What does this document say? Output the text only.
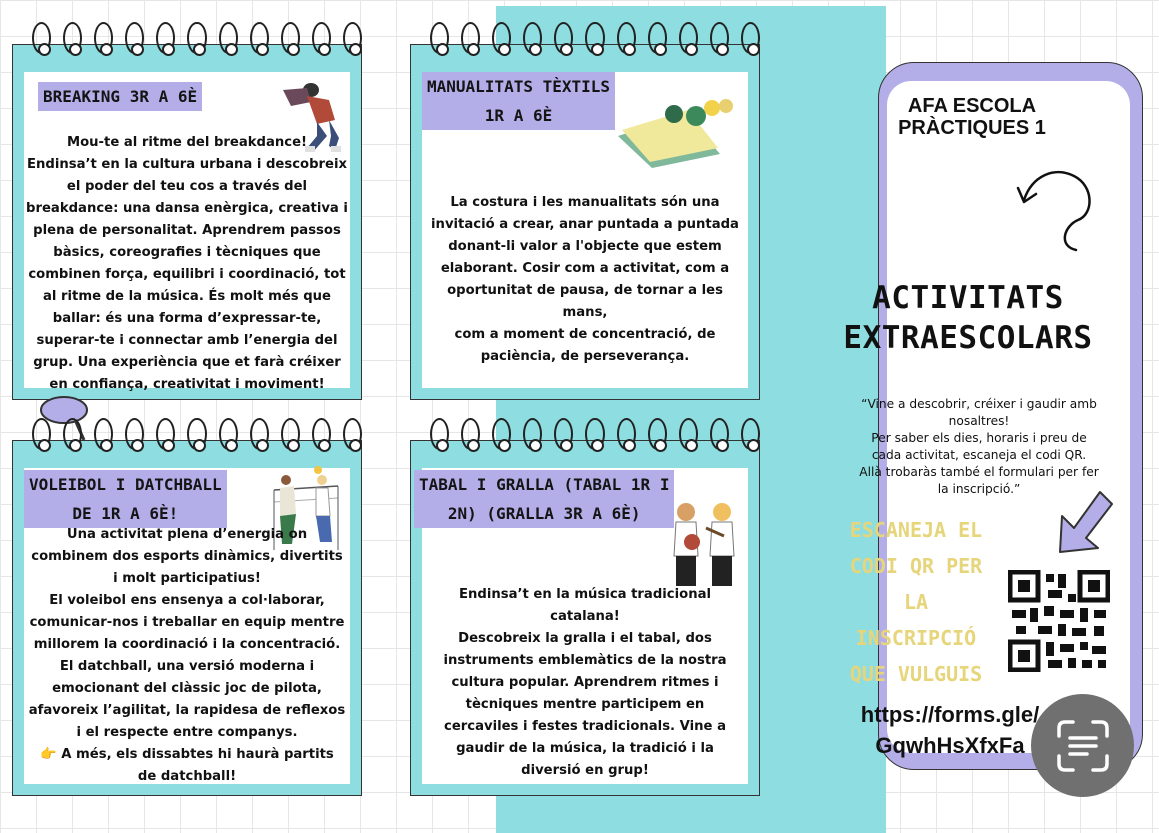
BREAKING 3R A 6È
Mou-te al ritme del breakdance!
Endinsa’t en la cultura urbana i descobreix
el poder del teu cos a través del
breakdance: una dansa enèrgica, creativa i
plena de personalitat. Aprendrem passos
bàsics, coreografies i tècniques que
combinen força, equilibri i coordinació, tot
al ritme de la música. És molt més que
ballar: és una forma d’expressar-te,
superar-te i connectar amb l’energia del
grup. Una experiència que et farà créixer
en confiança, creativitat i moviment!
MANUALITATS TÈXTILS
1R A 6È
La costura i les manualitats són una
invitació a crear, anar puntada a puntada
donant-li valor a l'objecte que estem
elaborant. Cosir com a activitat, com a
oportunitat de pausa, de tornar a les mans,
com a moment de concentració, de
paciència, de perseverança.
VOLEIBOL I DATCHBALL
DE 1R A 6È!
Una activitat plena d’energia on
combinem dos esports dinàmics, divertits
i molt participatius!
El voleibol ens ensenya a col·laborar,
comunicar-nos i treballar en equip mentre
millorem la coordinació i la concentració.
El datchball, una versió moderna i
emocionant del clàssic joc de pilota,
afavoreix l’agilitat, la rapidesa de reflexos
i el respecte entre companys.
👉 A més, els dissabtes hi haurà partits
de datchball!
TABAL I GRALLA (TABAL 1R I
2N) (GRALLA 3R A 6È)
Endinsa’t en la música tradicional
catalana!
Descobreix la gralla i el tabal, dos
instruments emblemàtics de la nostra
cultura popular. Aprendrem ritmes i
tècniques mentre participem en
cercaviles i festes tradicionals. Vine a
gaudir de la música, la tradició i la
diversió en grup!
AFA ESCOLA
PRÀCTIQUES 1
ACTIVITATS
EXTRAESCOLARS
“Vine a descobrir, créixer i gaudir amb
nosaltres!
Per saber els dies, horaris i preu de
cada activitat, escaneja el codi QR.
Allà trobaràs també el formulari per fer
la inscripció.”
ESCANEJA EL
CODI QR PER
LA
INSCRIPCIÓ
QUE VULGUIS
https://forms.gle/
GqwhHsXfxFa
